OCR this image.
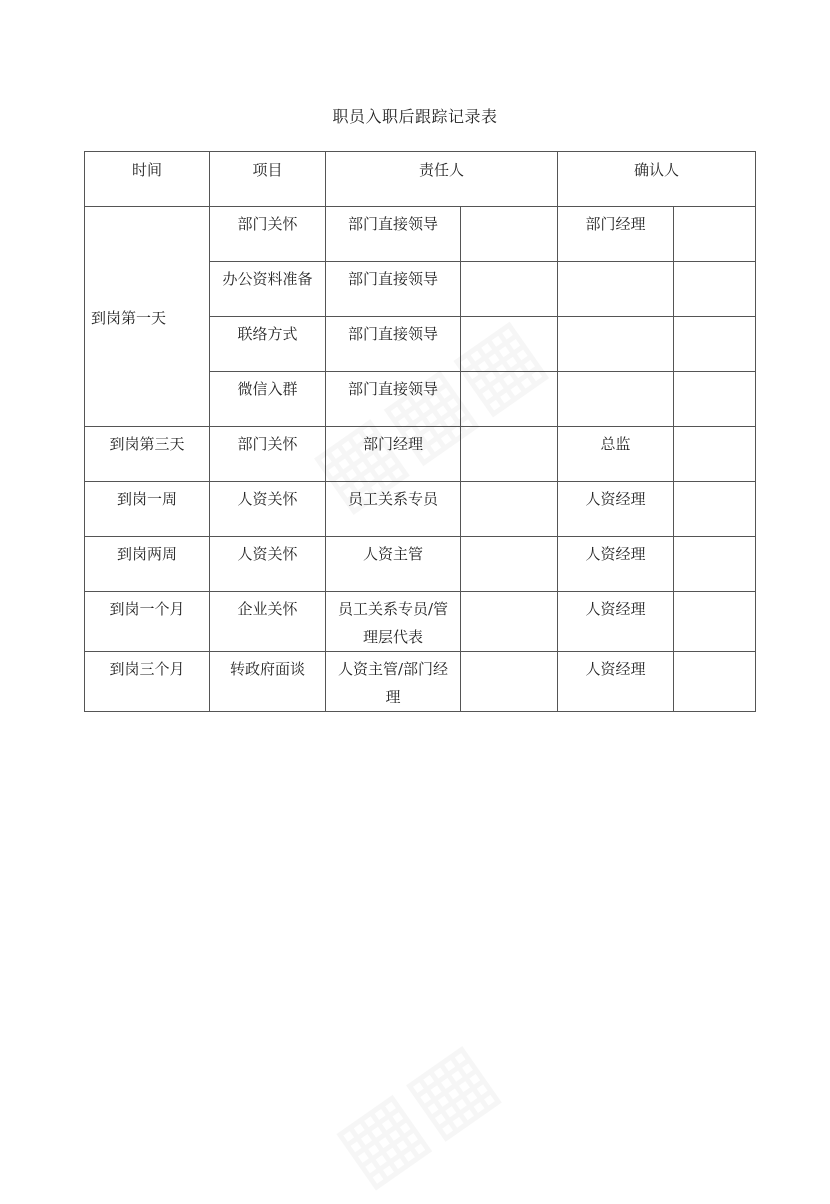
职员入职后跟踪记录表
时间	项目	责任人		确认人	
到岗第一天	部门关怀	部门直接领导		部门经理	
	办公资料准备	部门直接领导			
	联络方式	部门直接领导			
	微信入群	部门直接领导			
到岗第三天	部门关怀	部门经理		总监	
到岗一周	人资关怀	员工关系专员		人资经理	
到岗两周	人资关怀	人资主管		人资经理	
到岗一个月	企业关怀	员工关系专员/管理层代表		人资经理	
到岗三个月	转政府面谈	人资主管/部门经理		人资经理	
